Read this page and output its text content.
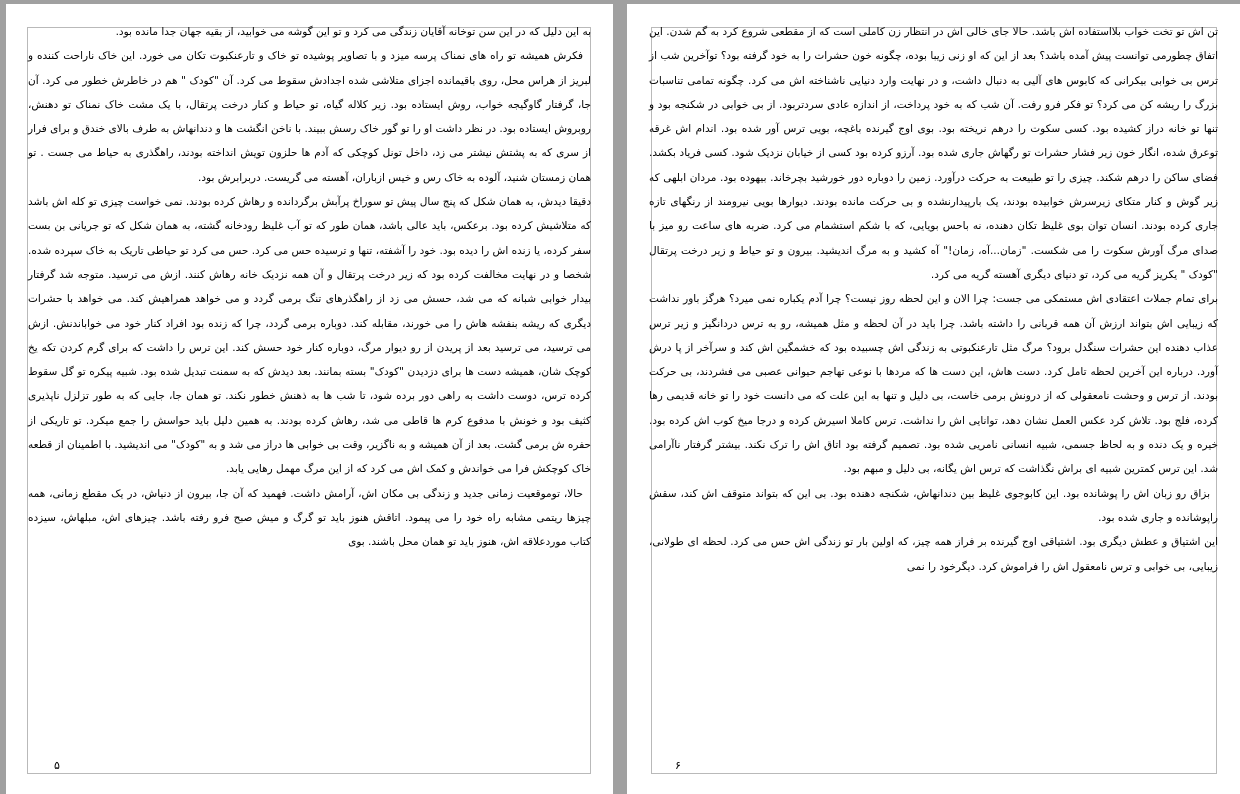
به این دلیل که در این سن توخانه آقایان زندگی می کرد و تو این گوشه می خوابید، از بقیه جهان جدا مانده بود.

فکرش همیشه تو راه های نمناک پرسه میزد و با تصاویر پوشیده تو خاک و تارعنکبوت تکان می خورد. این خاک ناراحت کننده و لبریز از هراس محل، روی باقیمانده اجزای متلاشی شده اجدادش سقوط می کرد. آن "کودک " هم در خاطرش خطور می کرد. آن جا، گرفتار گاوگیجه خواب، روش ایستاده بود. زیر کلاله گیاه، تو حیاط و کنار درخت پرتقال، با یک مشت خاک نمناک تو دهنش، روبروش ایستاده بود. در نظر داشت او را تو گور خاک رسش ببیند. با ناخن انگشت ها و دندانهاش به طرف بالای خندق و برای فرار از سری که به پشتش نیشتر می زد، داخل تونل کوچکی که آدم ها حلزون تویش انداخته بودند، راهگذری به حیاط می جست . تو همان زمستان شنید، آلوده به خاک رس و خیس ازباران، آهسته می گریست. دربرابرش بود.

دقیقا دیدش، به همان شکل که پنج سال پیش تو سوراخ پرآبش برگردانده و رهاش کرده بودند. نمی خواست چیزی تو کله اش باشد که متلاشیش کرده بود. برعکس، باید عالی باشد، همان طور که تو آب غلیظ رودخانه گشته، به همان شکل که تو جریانی بن بست سفر کرده، یا زنده اش را دیده بود. خود را آشفته، تنها و ترسیده حس می کرد. حس می کرد تو حیاطی تاریک به خاک سپرده شده. شخصا و در نهایت مخالفت کرده بود که زیر درخت پرتقال و آن همه نزدیک خانه رهاش کنند. ازش می ترسید. متوجه شد گرفتار بیدار خوابی شبانه که می شد، حسش می زد از راهگذرهای تنگ برمی گردد و می خواهد همراهیش کند. می خواهد با حشرات دیگری که ریشه بنفشه هاش را می خورند، مقابله کند. دوباره برمی گردد، چرا که زنده بود افراد کنار خود می خواباندنش. ازش می ترسید، می ترسید بعد از پریدن از رو دیوار مرگ، دوباره کنار خود حسش کند. این ترس را داشت که برای گرم کردن تکه یخ کوچک شان، همیشه دست ها برای دزدیدن "کودک" بسته بمانند. بعد دیدش که به سمنت تبدیل شده بود. شبیه پیکره تو گل سقوط کرده ترس، دوست داشت به راهی دور برده شود، تا شب ها به ذهنش خطور نکند. تو همان جا، جایی که به طور تزلزل ناپذیری کثیف بود و خونش با مدفوع کرم ها قاطی می شد، رهاش کرده بودند. به همین دلیل باید حواسش را جمع میکرد. تو تاریکی از حفره ش برمی گشت. بعد از آن همیشه و به ناگزیر، وقت بی خوابی ها دراز می شد و به "کودک" می اندیشید. با اطمینان از قطعه خاک کوچکش فرا می خواندش و کمک اش می کرد که از این مرگ مهمل رهایی یابد.

حالا، توموقعیت زمانی جدید و زندگی بی مکان اش، آرامش داشت. فهمید که آن جا، بیرون از دنیاش، در یک مقطع زمانی، همه چیزها ریتمی مشابه راه خود را می پیمود. اتاقش هنوز باید تو گرگ و میش صبح فرو رفته باشد. چیزهای اش، مبلهاش، سیزده کتاب موردعلاقه اش، هنوز باید تو همان محل باشند. بوی

۵

تن اش تو تخت خواب بلااستفاده اش باشد. حالا جای خالی اش در انتظار زن کاملی است که از مقطعی شروع کرد به گم شدن. این اتفاق چطورمی توانست پیش آمده باشد؟ بعد از این که او زنی زیبا بوده، چگونه خون حشرات را به خود گرفته بود؟ توآخرین شب از ترس بی خوابی بیکرانی که کابوس های آلیی به دنبال داشت، و در نهایت وارد دنیایی ناشناخته اش می کرد. چگونه تمامی تناسبات بزرگ را ریشه کن می کرد؟ تو فکر فرو رفت. آن شب که به خود پرداخت، از اندازه عادی سردتربود. از بی خوابی در شکنجه بود و تنها تو خانه دراز کشیده بود. کسی سکوت را درهم نریخته بود. بوی اوج گیرنده باغچه، بویی ترس آور شده بود. اندام اش غرقه توعرق شده، انگار خون زیر فشار حشرات تو رگهاش جاری شده بود. آرزو کرده بود کسی از خیابان نزدیک شود. کسی فریاد بکشد. فضای ساکن را درهم شکند. چیزی را تو طبیعت به حرکت درآورد. زمین را دوباره دور خورشید بچرخاند. بیهوده بود. مردان ابلهی که زیر گوش و کنار متکای زیرسرش خوابیده بودند، یک بارپیدارنشده و بی حرکت مانده بودند. دیوارها بویی نیرومند از رنگهای تازه جاری کرده بودند. انسان توان بوی غلیظ تکان دهنده، نه باحس بویایی، که با شکم استشمام می کرد. ضربه های ساعت رو میز با صدای مرگ آورش سکوت را می شکست. "زمان...آه، زمان!" آه کشید و به مرگ اندیشید. بیرون و تو حیاط و زیر درخت پرتقال "کودک " یکریز گریه می کرد، تو دنیای دیگری آهسته گریه می کرد.

برای تمام جملات اعتقادی اش مستمکی می جست: چرا الان و این لحظه روز نیست؟ چرا آدم یکباره نمی میرد؟ هرگز باور نداشت که زیبایی اش بتواند ارزش آن همه قربانی را داشته باشد. چرا باید در آن لحظه و مثل همیشه، رو به ترس دردانگیز و زیر ترس عذاب دهنده این حشرات سنگدل برود؟ مرگ مثل تارعنکبوتی به زندگی اش چسبیده بود که خشمگین اش کند و سرآخر از پا درش آورد. درباره این آخرین لحظه تامل کرد. دست هاش، این دست ها که مردها با نوعی تهاجم حیوانی عصبی می فشردند، بی حرکت بودند. از ترس و وحشت نامعقولی که از درونش برمی خاست، بی دلیل و تنها به این علت که می دانست خود را تو خانه قدیمی رها کرده، فلج بود. تلاش کرد عکس العمل نشان دهد، توانایی اش را نداشت. ترس کاملا اسیرش کرده و درجا میخ کوب اش کرده بود. خیره و یک دنده و به لحاظ جسمی، شبیه انسانی نامریی شده بود. تصمیم گرفته بود اتاق اش را ترک نکند. بیشتر گرفتار ناآرامی شد. این ترس کمترین شبیه ای براش نگذاشت که ترس اش یگانه، بی دلیل و مبهم بود.

بزاق رو زبان اش را پوشانده بود. این کابوجوی غلیظ بین دندانهاش، شکنجه دهنده بود. بی این که بتواند متوقف اش کند، سقش راپوشانده و جاری شده بود.

این اشتیاق و عطش دیگری بود. اشتیاقی اوج گیرنده بر فراز همه چیز، که اولین بار تو زندگی اش حس می کرد. لحظه ای طولانی، زیبایی، بی خوابی و ترس نامعقول اش را فراموش کرد. دیگرخود را نمی

۶
